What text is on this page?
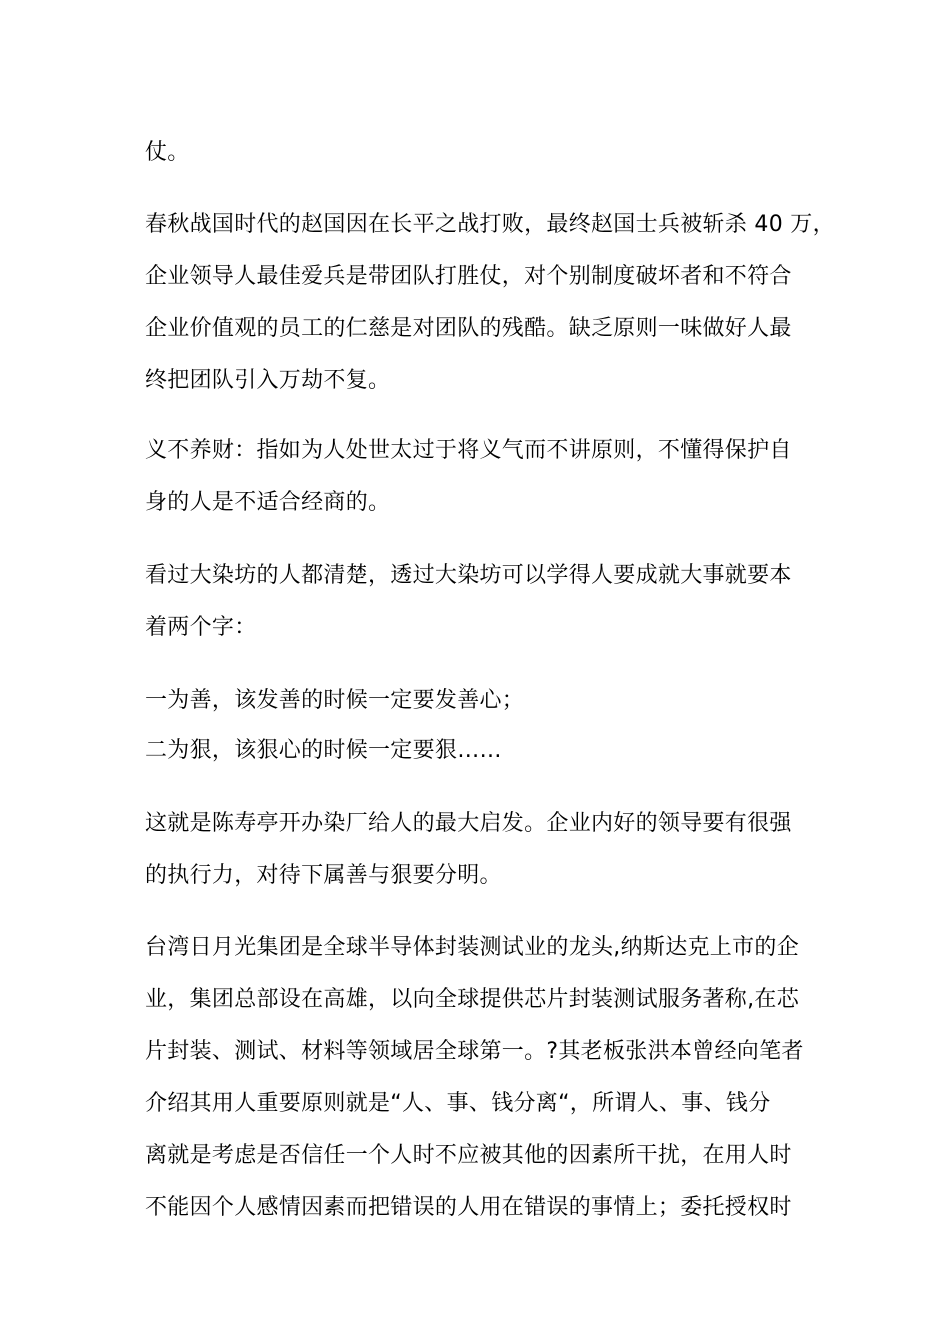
仗。
春秋战国时代的赵国因在长平之战打败，最终赵国士兵被斩杀 40 万，
企业领导人最佳爱兵是带团队打胜仗，对个别制度破坏者和不符合
企业价值观的员工的仁慈是对团队的残酷。缺乏原则一味做好人最
终把团队引入万劫不复。
义不养财：指如为人处世太过于将义气而不讲原则，不懂得保护自
身的人是不适合经商的。
看过大染坊的人都清楚，透过大染坊可以学得人要成就大事就要本
着两个字：
一为善，该发善的时候一定要发善心；
二为狠，该狠心的时候一定要狠……
这就是陈寿亭开办染厂给人的最大启发。企业内好的领导要有很强
的执行力，对待下属善与狠要分明。
台湾日月光集团是全球半导体封装测试业的龙头,纳斯达克上市的企
业，集团总部设在高雄，以向全球提供芯片封装测试服务著称,在芯
片封装、测试、材料等领域居全球第一。?其老板张洪本曾经向笔者
介绍其用人重要原则就是“人、事、钱分离“，所谓人、事、钱分
离就是考虑是否信任一个人时不应被其他的因素所干扰，在用人时
不能因个人感情因素而把错误的人用在错误的事情上；委托授权时
